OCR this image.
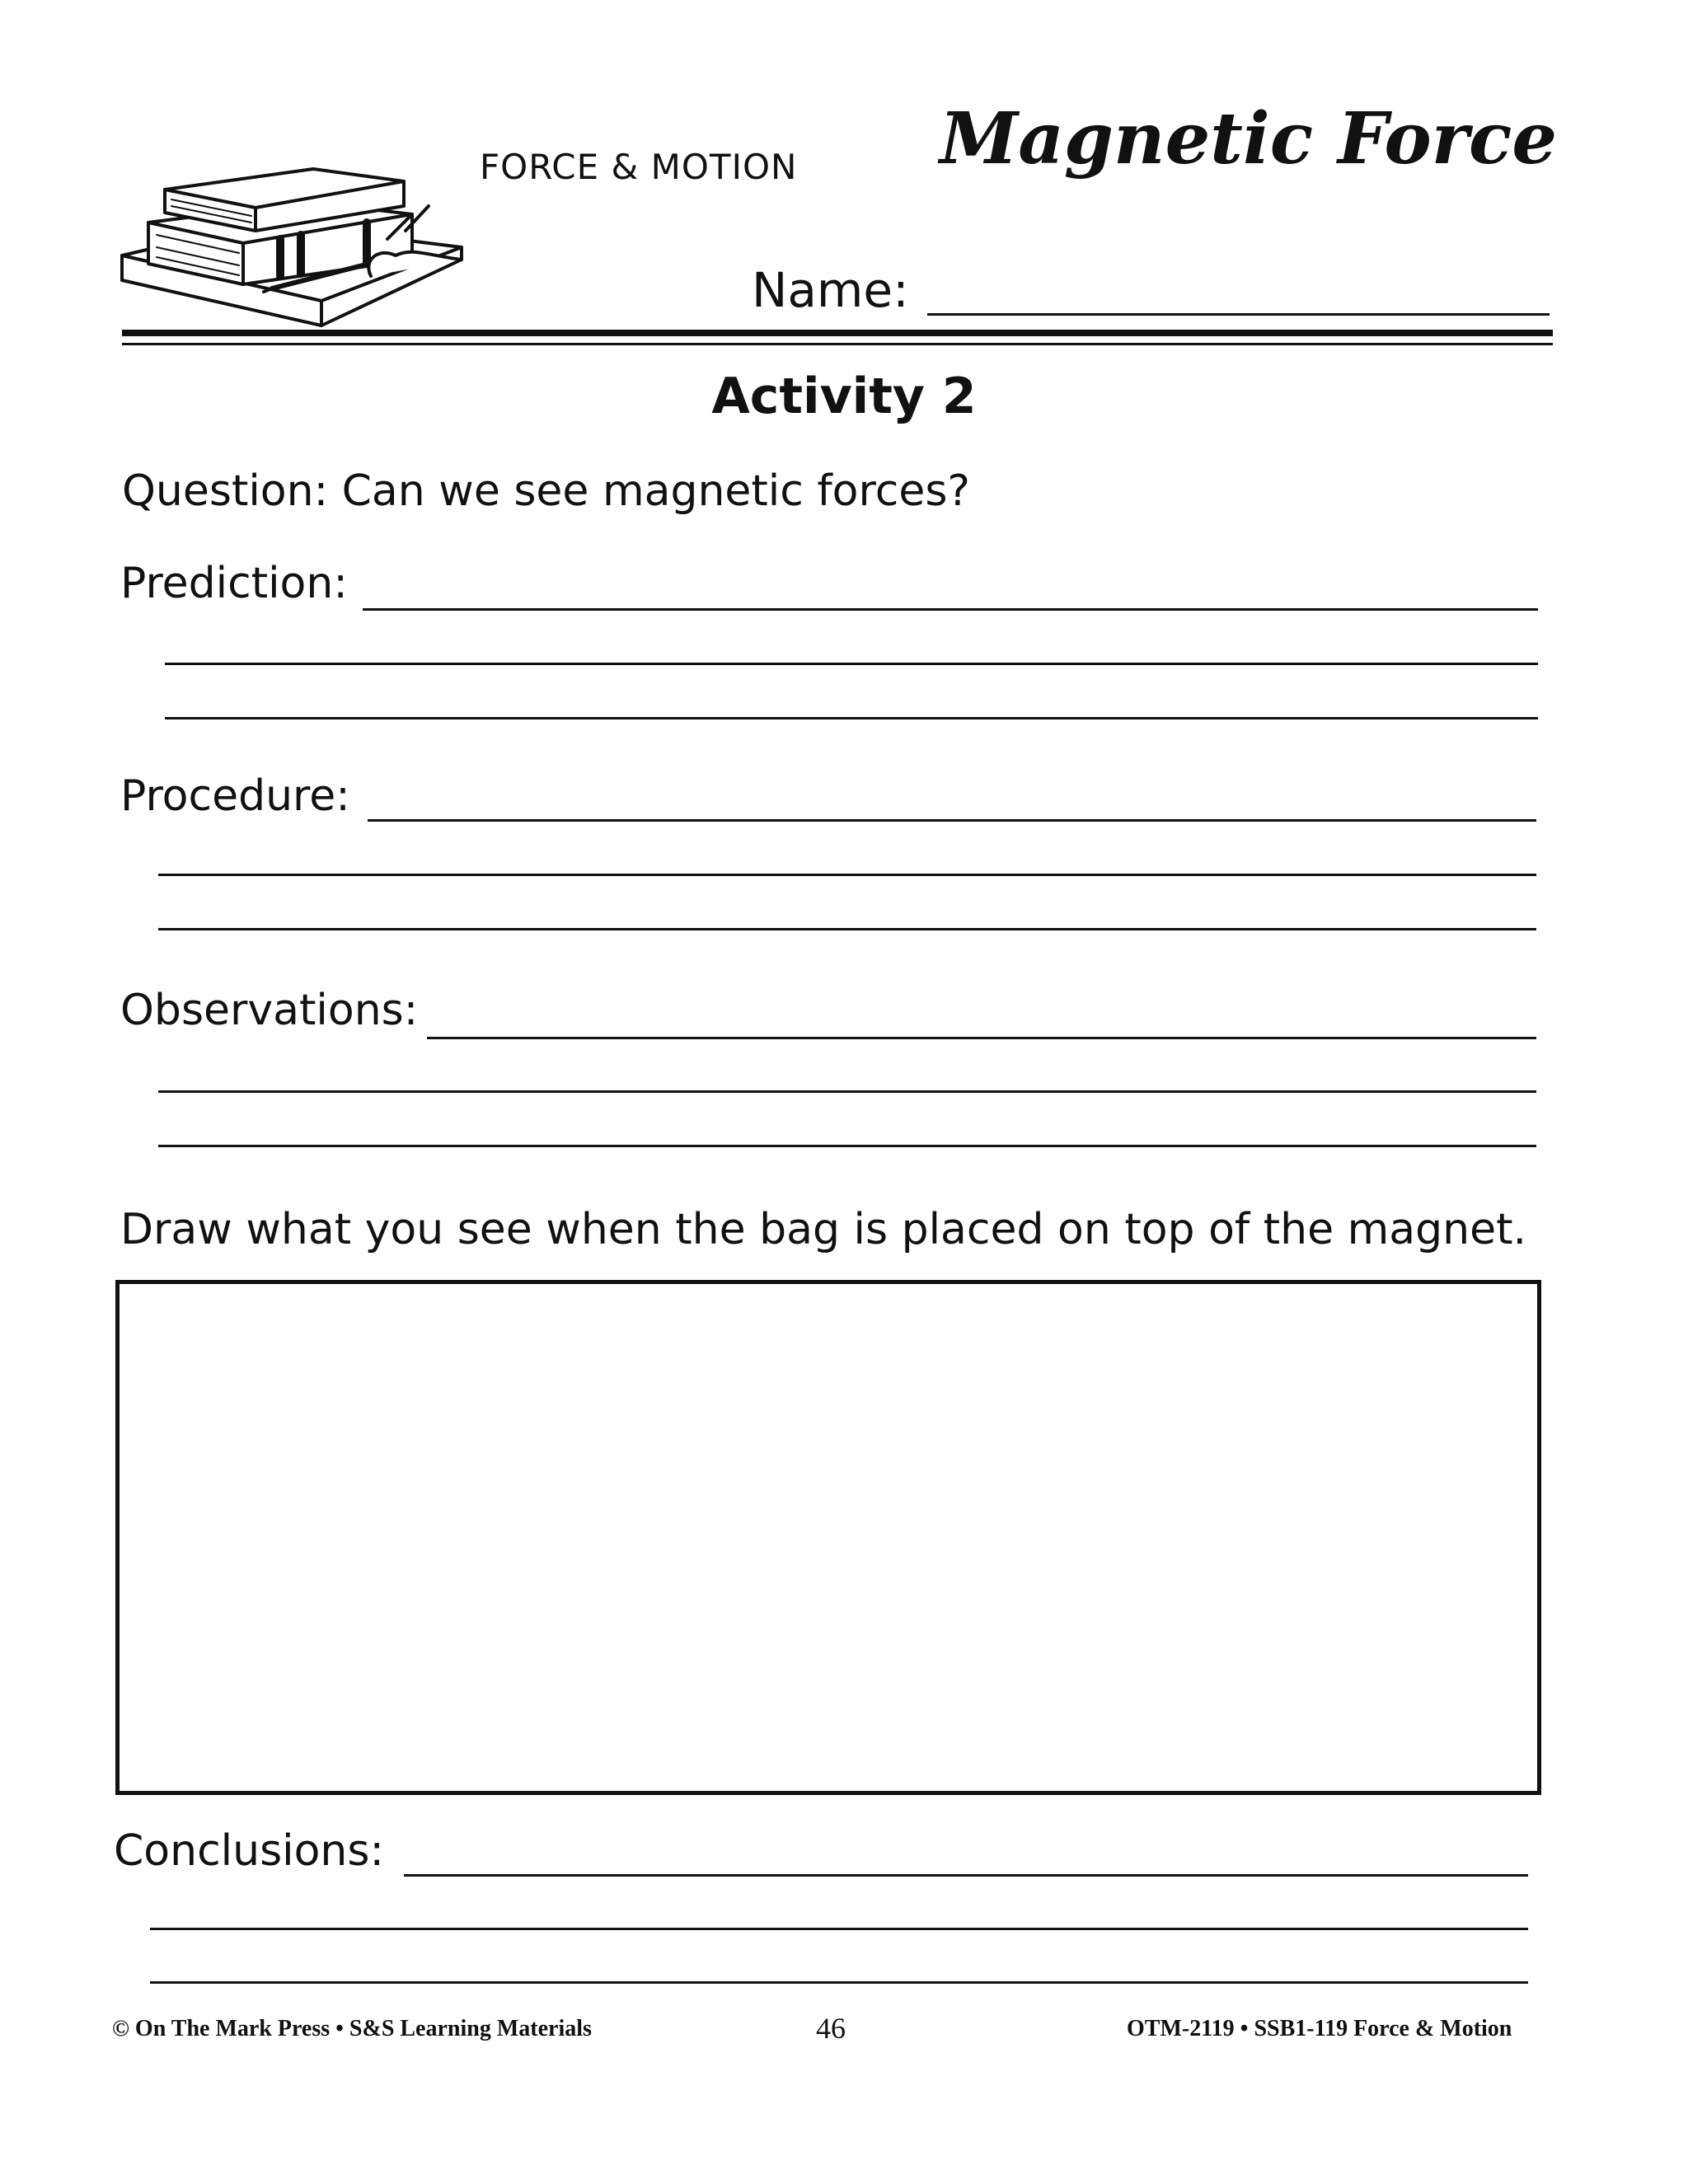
FORCE & MOTION Magnetic Force
Name:
Activity 2
Question: Can we see magnetic forces?
Prediction:
Procedure:
Observations:
Draw what you see when the bag is placed on top of the magnet.
Conclusions:
© On The Mark Press • S&S Learning Materials	46	OTM-2119 • SSB1-119 Force & Motion
